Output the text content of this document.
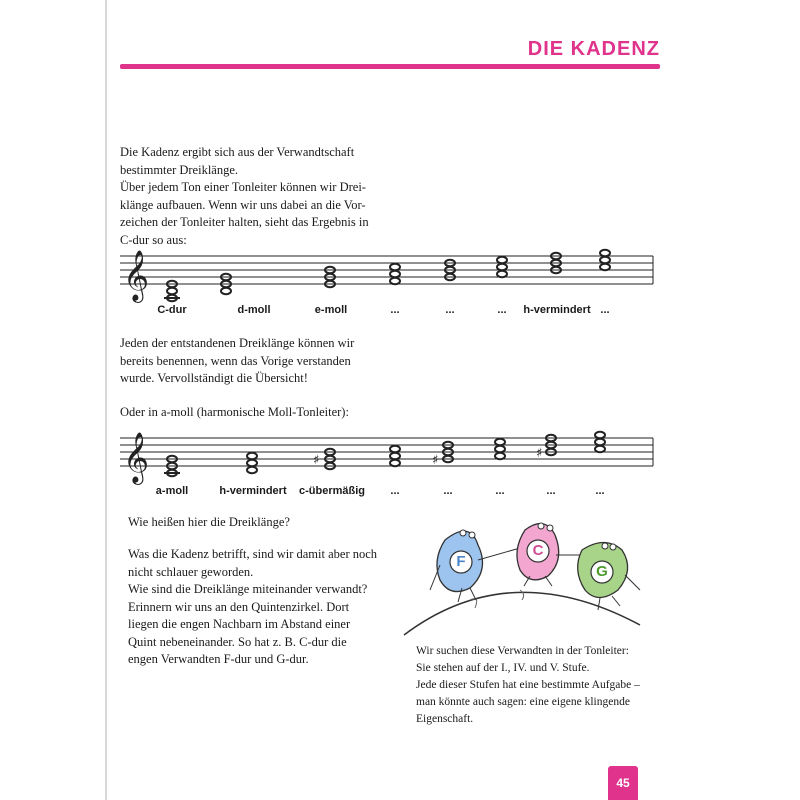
DIE KADENZ
Die Kadenz ergibt sich aus der Verwandtschaft
bestimmter Dreiklänge.
Über jedem Ton einer Tonleiter können wir Drei-
klänge aufbauen. Wenn wir uns dabei an die Vor-
zeichen der Tonleiter halten, sieht das Ergebnis in
C-dur so aus:
𝄞
C-dur	d-moll	e-moll	...	...	...	h-vermindert ...
Jeden der entstandenen Dreiklänge können wir
bereits benennen, wenn das Vorige verstanden
wurde. Vervollständigt die Übersicht!
Oder in a-moll (harmonische Moll-Tonleiter):
𝄞	♯	♯	♯
a-moll	h-vermindert	c-übermäßig	...	...	...	...	...
Wie heißen hier die Dreiklänge?
Was die Kadenz betrifft, sind wir damit aber noch
nicht schlauer geworden.
Wie sind die Dreiklänge miteinander verwandt?
Erinnern wir uns an den Quintenzirkel. Dort
liegen die engen Nachbarn im Abstand einer
Quint nebeneinander. So hat z. B. C-dur die
engen Verwandten F-dur und G-dur.
F
C
G
Wir suchen diese Verwandten in der Tonleiter:
Sie stehen auf der I., IV. und V. Stufe.
Jede dieser Stufen hat eine bestimmte Aufgabe –
man könnte auch sagen: eine eigene klingende
Eigenschaft.
45
